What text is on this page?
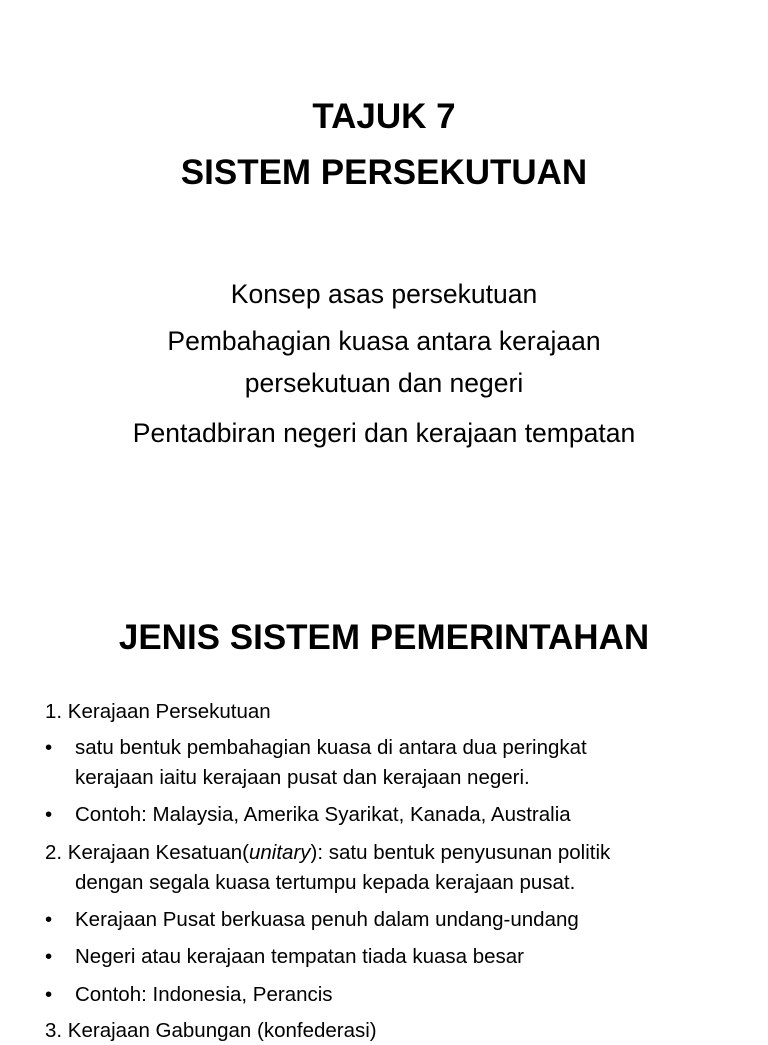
TAJUK 7
SISTEM PERSEKUTUAN
Konsep asas persekutuan
Pembahagian kuasa antara kerajaan
persekutuan dan negeri
Pentadbiran negeri dan kerajaan tempatan
JENIS SISTEM PEMERINTAHAN
1. Kerajaan Persekutuan
•	satu bentuk pembahagian kuasa di antara dua peringkat
kerajaan iaitu kerajaan pusat dan kerajaan negeri.
•	Contoh: Malaysia, Amerika Syarikat, Kanada, Australia
2. Kerajaan Kesatuan(unitary): satu bentuk penyusunan politik
dengan segala kuasa tertumpu kepada kerajaan pusat.
•	Kerajaan Pusat berkuasa penuh dalam undang-undang
•	Negeri atau kerajaan tempatan tiada kuasa besar
•	Contoh: Indonesia, Perancis
3. Kerajaan Gabungan (konfederasi)
